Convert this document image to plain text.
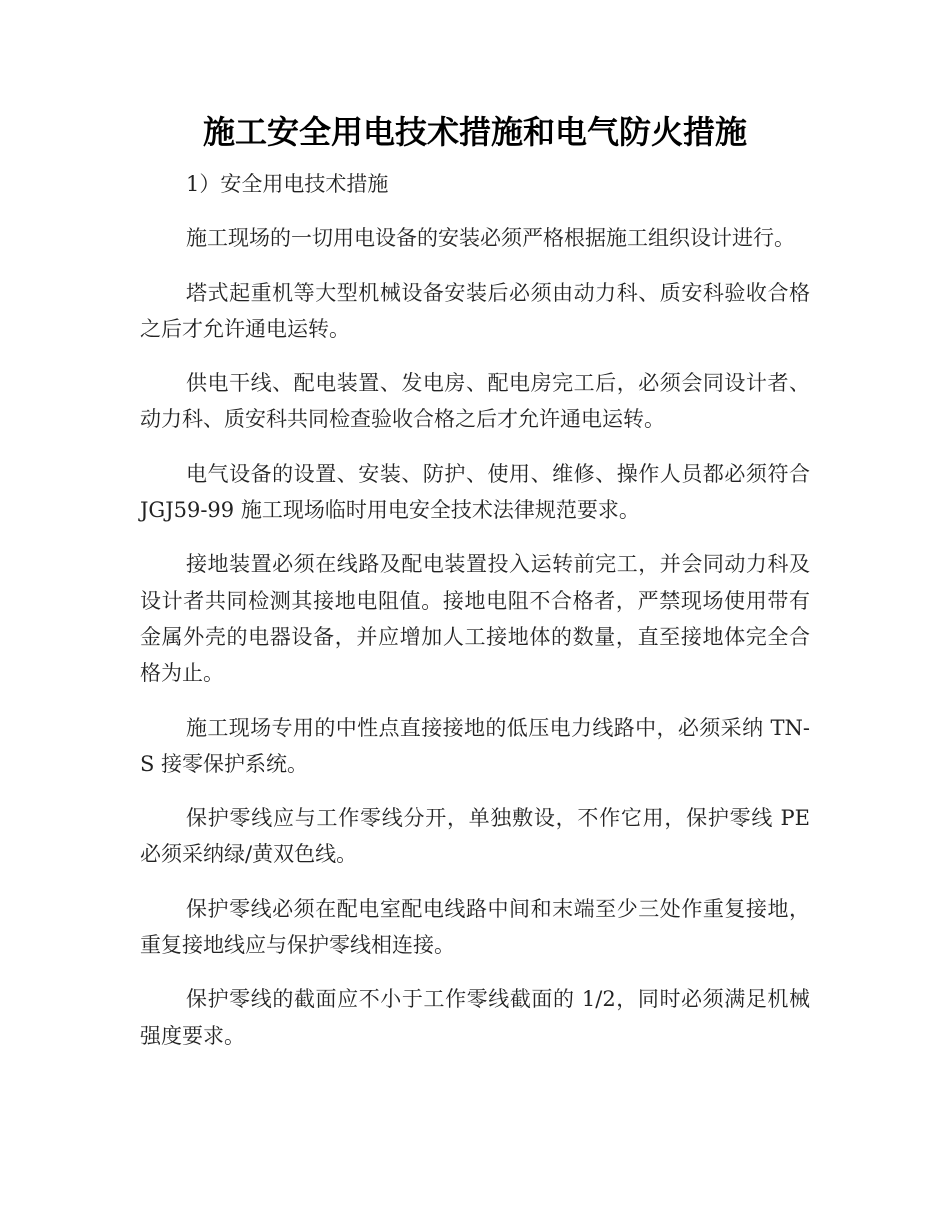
施工安全用电技术措施和电气防火措施

1）安全用电技术措施

施工现场的一切用电设备的安装必须严格根据施工组织设计进行。

塔式起重机等大型机械设备安装后必须由动力科、质安科验收合格之后才允许通电运转。

供电干线、配电装置、发电房、配电房完工后，必须会同设计者、动力科、质安科共同检查验收合格之后才允许通电运转。

电气设备的设置、安装、防护、使用、维修、操作人员都必须符合 JGJ59-99 施工现场临时用电安全技术法律规范要求。

接地装置必须在线路及配电装置投入运转前完工，并会同动力科及设计者共同检测其接地电阻值。接地电阻不合格者，严禁现场使用带有金属外壳的电器设备，并应增加人工接地体的数量，直至接地体完全合格为止。

施工现场专用的中性点直接接地的低压电力线路中，必须采纳 TN-S 接零保护系统。

保护零线应与工作零线分开，单独敷设，不作它用，保护零线 PE 必须采纳绿/黄双色线。

保护零线必须在配电室配电线路中间和末端至少三处作重复接地，重复接地线应与保护零线相连接。

保护零线的截面应不小于工作零线截面的 1/2，同时必须满足机械强度要求。
